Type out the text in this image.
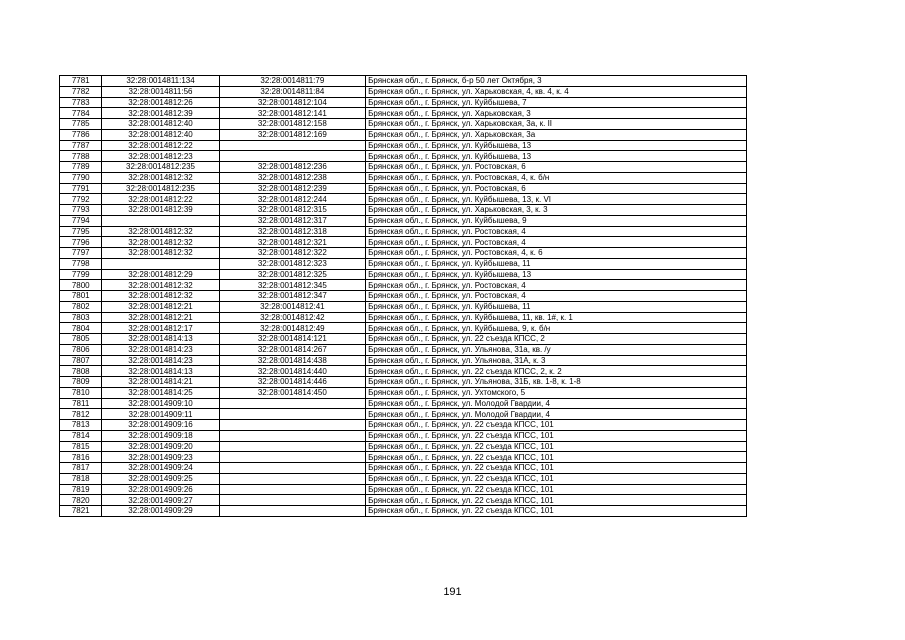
7781	32:28:0014811:134	32:28:0014811:79	Брянская обл., г. Брянск, б-р 50 лет Октября, 3
7782	32:28:0014811:56	32:28:0014811:84	Брянская обл., г. Брянск, ул. Харьковская, 4, кв. 4, к. 4
7783	32:28:0014812:26	32:28:0014812:104	Брянская обл., г. Брянск, ул. Куйбышева, 7
7784	32:28:0014812:39	32:28:0014812:141	Брянская обл., г. Брянск, ул. Харьковская, 3
7785	32:28:0014812:40	32:28:0014812:158	Брянская обл., г. Брянск, ул. Харьковская, 3а, к. II
7786	32:28:0014812:40	32:28:0014812:169	Брянская обл., г. Брянск, ул. Харьковская, 3а
7787	32:28:0014812:22		Брянская обл., г. Брянск, ул. Куйбышева, 13
7788	32:28:0014812:23		Брянская обл., г. Брянск, ул. Куйбышева, 13
7789	32:28:0014812:235	32:28:0014812:236	Брянская обл., г. Брянск, ул. Ростовская, 6
7790	32:28:0014812:32	32:28:0014812:238	Брянская обл., г. Брянск, ул. Ростовская, 4, к. б/н
7791	32:28:0014812:235	32:28:0014812:239	Брянская обл., г. Брянск, ул. Ростовская, 6
7792	32:28:0014812:22	32:28:0014812:244	Брянская обл., г. Брянск, ул. Куйбышева, 13, к. VI
7793	32:28:0014812:39	32:28:0014812:315	Брянская обл., г. Брянск, ул. Харьковская, 3, к. 3
7794		32:28:0014812:317	Брянская обл., г. Брянск, ул. Куйбышева, 9
7795	32:28:0014812:32	32:28:0014812:318	Брянская обл., г. Брянск, ул. Ростовская, 4
7796	32:28:0014812:32	32:28:0014812:321	Брянская обл., г. Брянск, ул. Ростовская, 4
7797	32:28:0014812:32	32:28:0014812:322	Брянская обл., г. Брянск, ул. Ростовская, 4, к. 6
7798		32:28:0014812:323	Брянская обл., г. Брянск, ул. Куйбышева, 11
7799	32:28:0014812:29	32:28:0014812:325	Брянская обл., г. Брянск, ул. Куйбышева, 13
7800	32:28:0014812:32	32:28:0014812:345	Брянская обл., г. Брянск, ул. Ростовская, 4
7801	32:28:0014812:32	32:28:0014812:347	Брянская обл., г. Брянск, ул. Ростовская, 4
7802	32:28:0014812:21	32:28:0014812:41	Брянская обл., г. Брянск, ул. Куйбышева, 11
7803	32:28:0014812:21	32:28:0014812:42	Брянская обл., г. Брянск, ул. Куйбышева, 11, кв. 1#, к. 1
7804	32:28:0014812:17	32:28:0014812:49	Брянская обл., г. Брянск, ул. Куйбышева, 9, к. б/н
7805	32:28:0014814:13	32:28:0014814:121	Брянская обл., г. Брянск, ул. 22 съезда КПСС, 2
7806	32:28:0014814:23	32:28:0014814:267	Брянская обл., г. Брянск, ул. Ульянова, 31а, кв. /у
7807	32:28:0014814:23	32:28:0014814:438	Брянская обл., г. Брянск, ул. Ульянова, 31А, к. 3
7808	32:28:0014814:13	32:28:0014814:440	Брянская обл., г. Брянск, ул. 22 съезда КПСС, 2, к. 2
7809	32:28:0014814:21	32:28:0014814:446	Брянская обл., г. Брянск, ул. Ульянова, 31Б, кв. 1-8, к. 1-8
7810	32:28:0014814:25	32:28:0014814:450	Брянская обл., г. Брянск, ул. Ухтомского, 5
7811	32:28:0014909:10		Брянская обл., г. Брянск, ул. Молодой Гвардии, 4
7812	32:28:0014909:11		Брянская обл., г. Брянск, ул. Молодой Гвардии, 4
7813	32:28:0014909:16		Брянская обл., г. Брянск, ул. 22 съезда КПСС, 101
7814	32:28:0014909:18		Брянская обл., г. Брянск, ул. 22 съезда КПСС, 101
7815	32:28:0014909:20		Брянская обл., г. Брянск, ул. 22 съезда КПСС, 101
7816	32:28:0014909:23		Брянская обл., г. Брянск, ул. 22 съезда КПСС, 101
7817	32:28:0014909:24		Брянская обл., г. Брянск, ул. 22 съезда КПСС, 101
7818	32:28:0014909:25		Брянская обл., г. Брянск, ул. 22 съезда КПСС, 101
7819	32:28:0014909:26		Брянская обл., г. Брянск, ул. 22 съезда КПСС, 101
7820	32:28:0014909:27		Брянская обл., г. Брянск, ул. 22 съезда КПСС, 101
7821	32:28:0014909:29		Брянская обл., г. Брянск, ул. 22 съезда КПСС, 101
191
